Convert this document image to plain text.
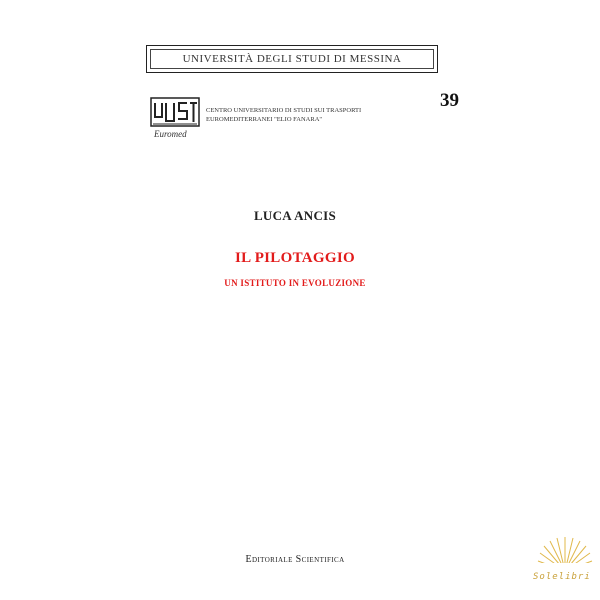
UNIVERSITÀ DEGLI STUDI DI MESSINA
Euromed
CENTRO UNIVERSITARIO DI STUDI SUI TRASPORTI
EUROMEDITERRANEI "ELIO FANARA"
39
LUCA ANCIS
IL PILOTAGGIO
UN ISTITUTO IN EVOLUZIONE
Editoriale Scientifica
Solelibri
